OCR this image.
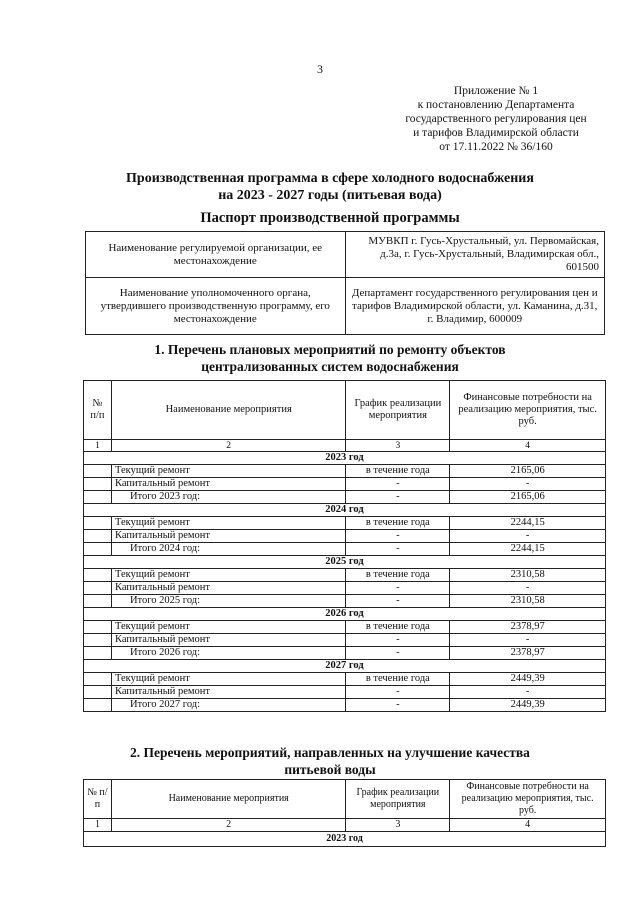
3
Приложение № 1
к постановлению Департамента
государственного регулирования цен
и тарифов Владимирской области
от 17.11.2022 № 36/160
Производственная программа в сфере холодного водоснабжения
на 2023 - 2027 годы (питьевая вода)
Паспорт производственной программы
Наименование регулируемой организации, ее местонахождение	МУВКП г. Гусь-Хрустальный, ул. Первомайская, д.3а, г. Гусь-Хрустальный, Владимирская обл., 601500
Наименование уполномоченного органа, утвердившего производственную программу, его местонахождение	Департамент государственного регулирования цен и тарифов Владимирской области, ул. Каманина, д.31, г. Владимир, 600009
1. Перечень плановых мероприятий по ремонту объектов
централизованных систем водоснабжения
№ п/п	Наименование мероприятия	График реализации мероприятия	Финансовые потребности на реализацию мероприятия, тыс. руб.
1	2	3	4
2023 год			
	Текущий ремонт	в течение года	2165,06
	Капитальный ремонт	-	-
	Итого 2023 год:	-	2165,06
2024 год			
	Текущий ремонт	в течение года	2244,15
	Капитальный ремонт	-	-
	Итого 2024 год:	-	2244,15
2025 год			
	Текущий ремонт	в течение года	2310,58
	Капитальный ремонт	-	-
	Итого 2025 год:	-	2310,58
2026 год			
	Текущий ремонт	в течение года	2378,97
	Капитальный ремонт	-	-
	Итого 2026 год:	-	2378,97
2027 год			
	Текущий ремонт	в течение года	2449,39
	Капитальный ремонт	-	-
	Итого 2027 год:	-	2449,39
2. Перечень мероприятий, направленных на улучшение качества
питьевой воды
№ п/п	Наименование мероприятия	График реализации мероприятия	Финансовые потребности на реализацию мероприятия, тыс. руб.
1	2	3	4
2023 год			
